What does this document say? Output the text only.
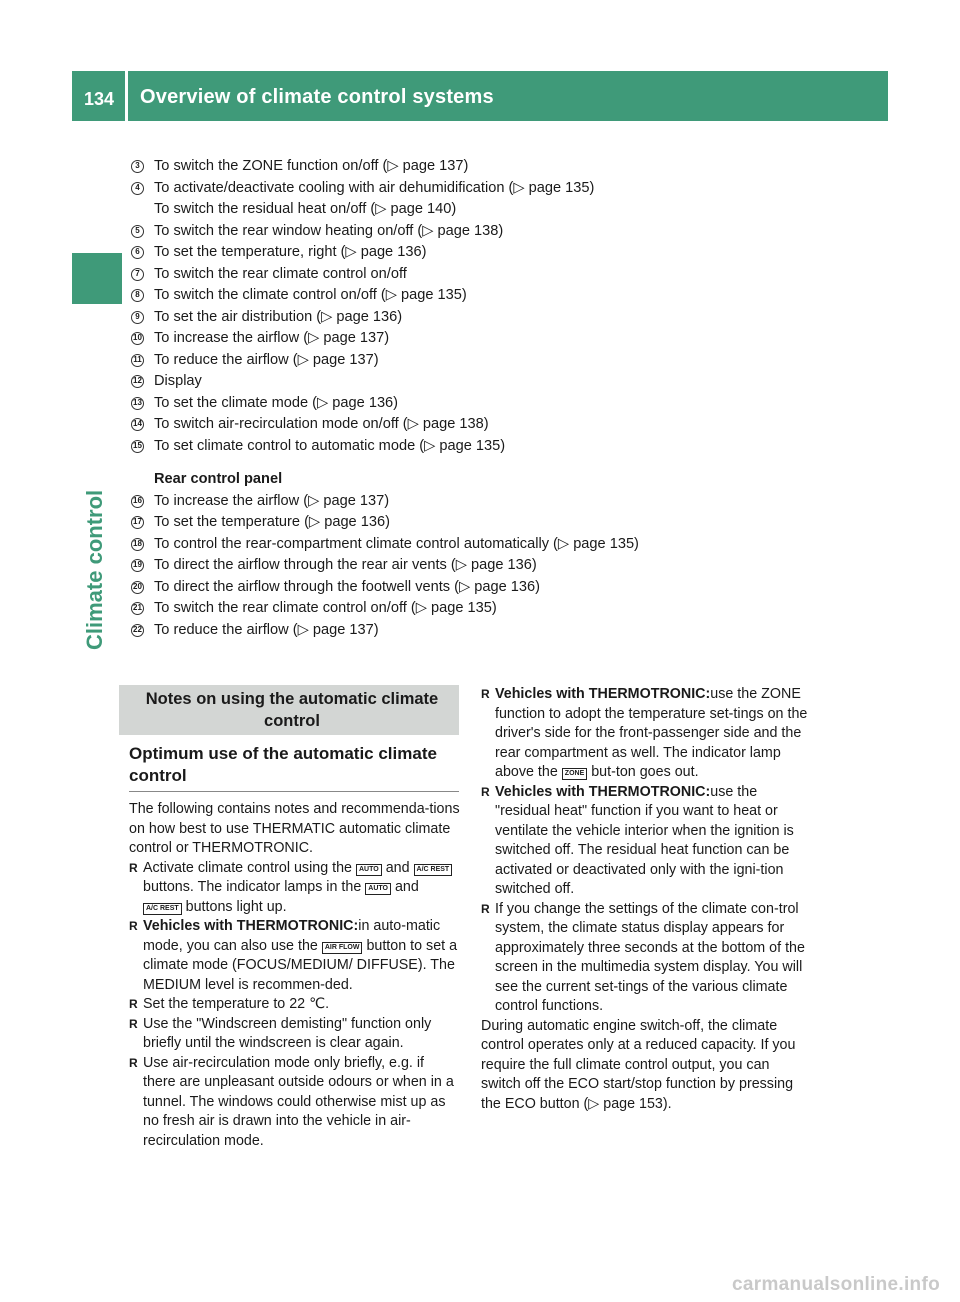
134 Overview of climate control systems
Climate control
3 To switch the ZONE function on/off (▷ page 137)
4 To activate/deactivate cooling with air dehumidification (▷ page 135)
To switch the residual heat on/off (▷ page 140)
5 To switch the rear window heating on/off (▷ page 138)
6 To set the temperature, right (▷ page 136)
7 To switch the rear climate control on/off
8 To switch the climate control on/off (▷ page 135)
9 To set the air distribution (▷ page 136)
10 To increase the airflow (▷ page 137)
11 To reduce the airflow (▷ page 137)
12 Display
13 To set the climate mode (▷ page 136)
14 To switch air-recirculation mode on/off (▷ page 138)
15 To set climate control to automatic mode (▷ page 135)
Rear control panel
16 To increase the airflow (▷ page 137)
17 To set the temperature (▷ page 136)
18 To control the rear-compartment climate control automatically (▷ page 135)
19 To direct the airflow through the rear air vents (▷ page 136)
20 To direct the airflow through the footwell vents (▷ page 136)
21 To switch the rear climate control on/off (▷ page 135)
22 To reduce the airflow (▷ page 137)
Notes on using the automatic climate control
Optimum use of the automatic climate control

The following contains notes and recommenda-tions on how best to use THERMATIC automatic climate control or THERMOTRONIC.

R Activate climate control using the AUTO and A/C REST buttons. The indicator lamps in the AUTO and A/C REST buttons light up.

R Vehicles with THERMOTRONIC:in auto-matic mode, you can also use the AIR FLOW button to set a climate mode (FOCUS/MEDIUM/ DIFFUSE). The MEDIUM level is recommen-ded.

R Set the temperature to 22 ℃.

R Use the "Windscreen demisting" function only briefly until the windscreen is clear again.

R Use air-recirculation mode only briefly, e.g. if there are unpleasant outside odours or when in a tunnel. The windows could otherwise mist up as no fresh air is drawn into the vehicle in air-recirculation mode.

R Vehicles with THERMOTRONIC:use the ZONE function to adopt the temperature set-tings on the driver's side for the front-passenger side and the rear compartment as well. The indicator lamp above the ZONE but-ton goes out.

R Vehicles with THERMOTRONIC:use the "residual heat" function if you want to heat or ventilate the vehicle interior when the ignition is switched off. The residual heat function can be activated or deactivated only with the igni-tion switched off.

R If you change the settings of the climate con-trol system, the climate status display appears for approximately three seconds at the bottom of the screen in the multimedia system display. You will see the current set-tings of the various climate control functions.

During automatic engine switch-off, the climate control operates only at a reduced capacity. If you require the full climate control output, you can switch off the ECO start/stop function by pressing the ECO button (▷ page 153).

carmanualsonline.info
